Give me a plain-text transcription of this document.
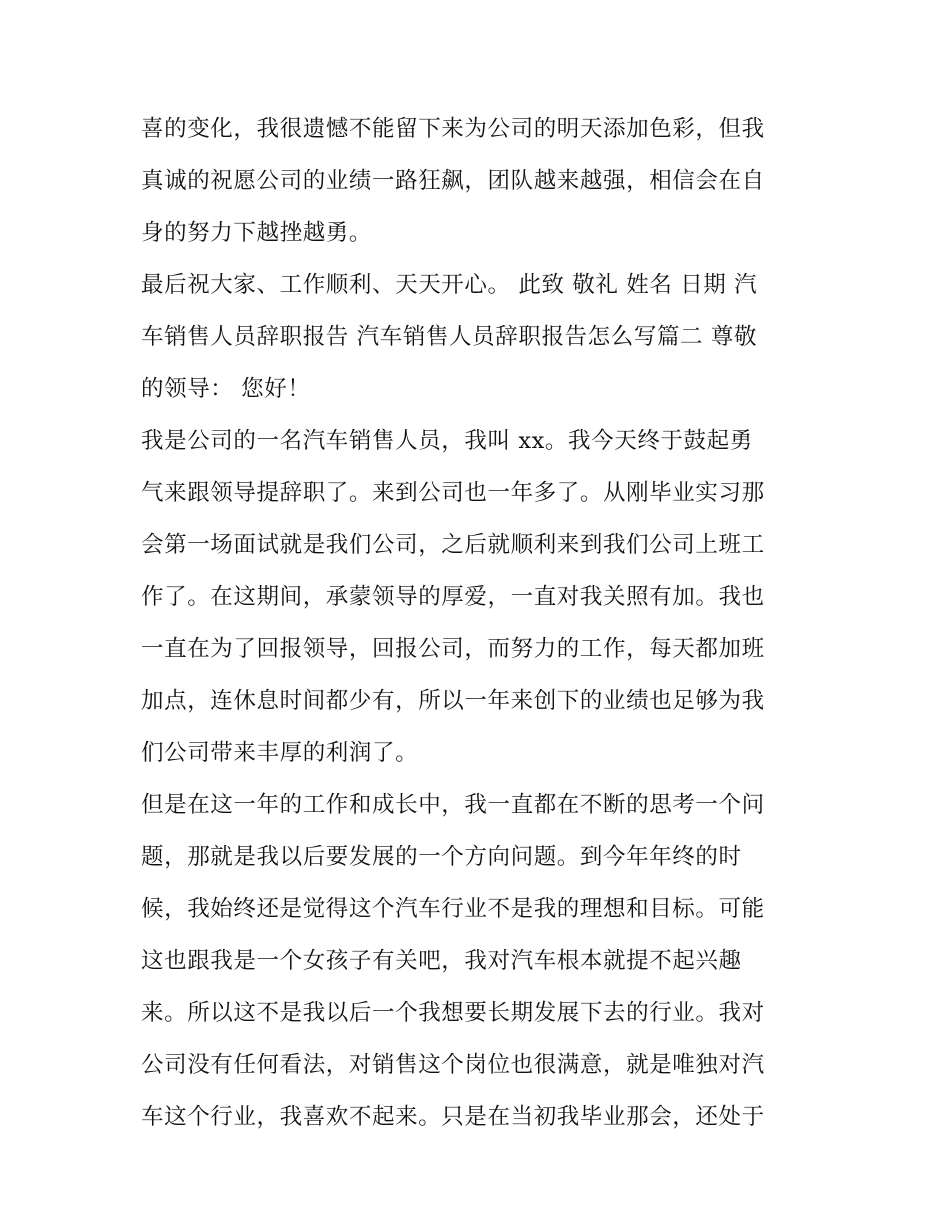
喜的变化，我很遗憾不能留下来为公司的明天添加色彩，但我
真诚的祝愿公司的业绩一路狂飙，团队越来越强，相信会在自
身的努力下越挫越勇。
最后祝大家、工作顺利、天天开心。 此致 敬礼 姓名 日期 汽
车销售人员辞职报告 汽车销售人员辞职报告怎么写篇二 尊敬
的领导： 您好！
我是公司的一名汽车销售人员，我叫 xx。我今天终于鼓起勇
气来跟领导提辞职了。来到公司也一年多了。从刚毕业实习那
会第一场面试就是我们公司，之后就顺利来到我们公司上班工
作了。在这期间，承蒙领导的厚爱，一直对我关照有加。我也
一直在为了回报领导，回报公司，而努力的工作，每天都加班
加点，连休息时间都少有，所以一年来创下的业绩也足够为我
们公司带来丰厚的利润了。
但是在这一年的工作和成长中，我一直都在不断的思考一个问
题，那就是我以后要发展的一个方向问题。到今年年终的时
候，我始终还是觉得这个汽车行业不是我的理想和目标。可能
这也跟我是一个女孩子有关吧，我对汽车根本就提不起兴趣
来。所以这不是我以后一个我想要长期发展下去的行业。我对
公司没有任何看法，对销售这个岗位也很满意，就是唯独对汽
车这个行业，我喜欢不起来。只是在当初我毕业那会，还处于
